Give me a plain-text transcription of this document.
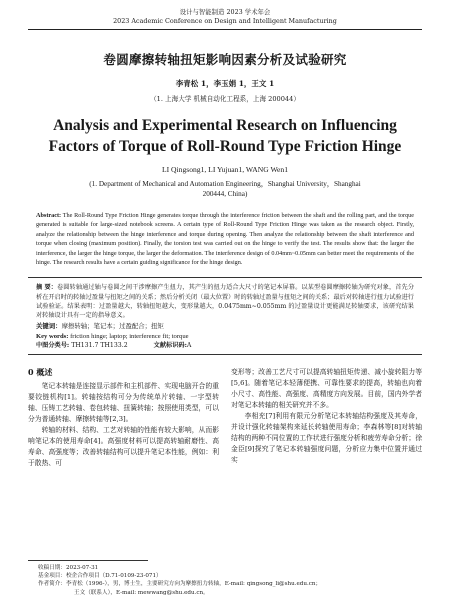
设计与智能制造 2023 学术年会
2023 Academic Conference on Design and Intelligent Manufacturing
卷圆摩擦转轴扭矩影响因素分析及试验研究
李青松 1，李玉娟 1，王文 1
（1. 上海大学 机械自动化工程系，上海 200044）
Analysis and Experimental Research on Influencing
Factors of Torque of Roll-Round Type Friction Hinge
LI Qingsong1, LI Yujuan1, WANG Wen1
(1. Department of Mechanical and Automation Engineering，Shanghai University，Shanghai
200444, China)
Abstract: The Roll-Round Type Friction Hinge generates torque through the interference friction between the shaft and the rolling part, and the torque generated is suitable for large-sized notebook screens. A certain type of Roll-Round Type Friction Hinge was taken as the research object. Firstly, analyze the relationship between the hinge interference and torque during opening. Then analyze the relationship between the shaft interference and torque when closing (maximum position). Finally, the torsion test was carried out on the hinge to verify the test. The results show that: the larger the interference, the larger the hinge torque, the larger the deformation. The interference design of 0.04mm~0.05mm can better meet the requirements of the hinge. The research results have a certain guiding significance for the hinge design.
摘 要：卷圆转轴通过轴与卷圆之间干涉摩擦产生扭力，其产生的扭力适合大尺寸的笔记本屏幕。以某型卷圆摩擦转轴为研究对象，首先分析在开启时的转轴过盈量与扭矩之间的关系；然后分析关闭（最大位置）时的转轴过盈量与扭矩之间的关系；最后对转轴进行扭力试验进行试验验证。结果表明：过盈量越大，转轴扭矩越大，变形量越大，0.0475mm~0.055mm 的过盈量设计更能满足转轴要求，该研究结果对转轴设计具有一定的指导意义。
关键词：摩擦转轴；笔记本；过盈配合；扭矩
Key words: friction hinge; laptop; interference fit; torque
中图分类号: TH131.7 TH133.2	文献标识码:A
0 概述

笔记本转轴是连接显示部件和主机部件、实现电脑开合的重要铰链机构[1]。转轴按结构可分为传统单片转轴、一字型转轴、压铸工艺转轴、卷包转轴、扭簧转轴；按照使用类型，可以分为普通转轴、摩擦转轴等[2,3]。

转轴的材料、结构、工艺对转轴的性能有较大影响，从而影响笔记本的使用寿命[4]。高强度材料可以提高转轴耐磨性、高寿命、高强度等；改善转轴结构可以提升笔记本性能，例如：利于散热、可

变形等；改善工艺尺寸可以提高转轴扭矩传递、减小旋转阻力等[5,6]。随着笔记本轻薄便携、可靠性要求的提高，转轴也向着小尺寸、高性能、高强度、高精度方向发展。目前，国内外学者对笔记本转轴的相关研究并不多。

李相充[7]利用有限元分析笔记本转轴结构强度及其寿命，并设计强化转轴架构来延长转轴使用寿命；李森林等[8]对转轴结构的两种不同位置的工作状进行强度分析和疲劳寿命分析；徐金臣[9]探究了笔记本转轴强度问题，分析应力集中位置并通过实

收稿日期：2023-07-31
基金项目：校企合作项目（D.71-0109-23-071）
作者简介：李青松（1996-），男，博士生，主要研究方向为摩擦扭力转轴，E-mail: qingsong_li@shu.edu.cn；
王文（联系人），E-mail: mewwang@shu.edu.cn。
